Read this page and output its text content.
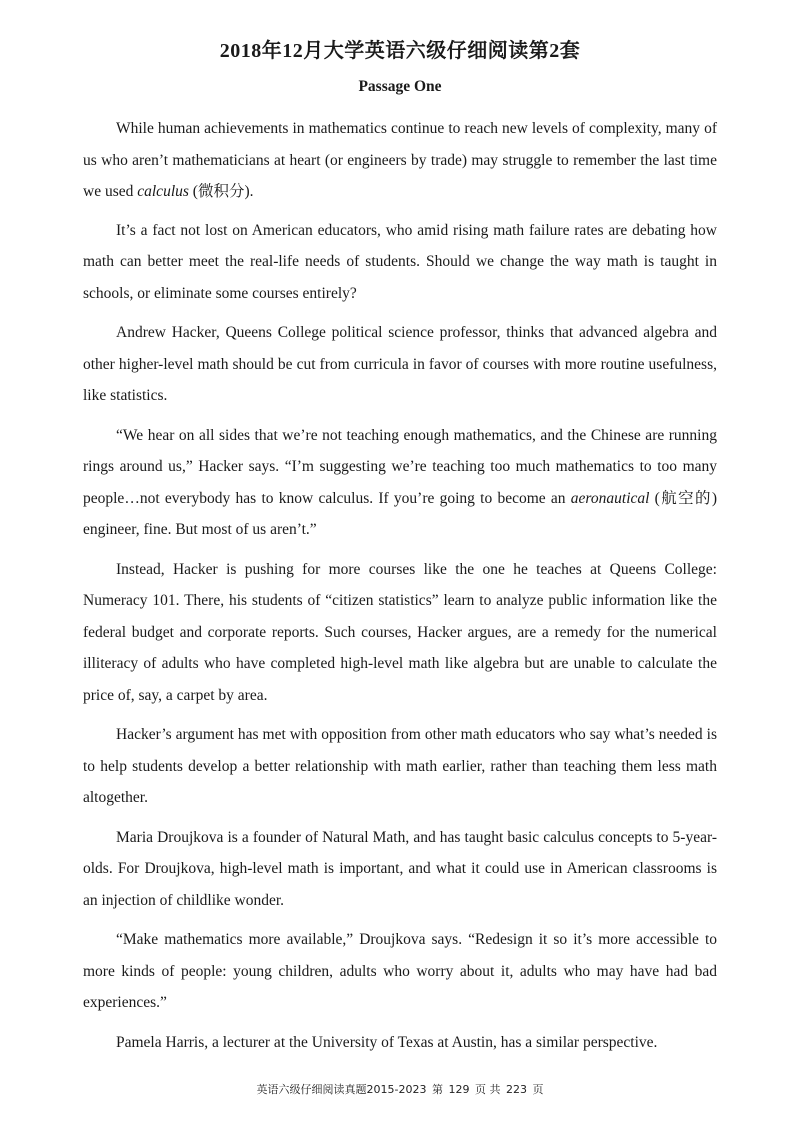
2018年12月大学英语六级仔细阅读第2套
Passage One

While human achievements in mathematics continue to reach new levels of complexity, many of us who aren’t mathematicians at heart (or engineers by trade) may struggle to remember the last time we used calculus (微积分).

It’s a fact not lost on American educators, who amid rising math failure rates are debating how math can better meet the real-life needs of students. Should we change the way math is taught in schools, or eliminate some courses entirely?

Andrew Hacker, Queens College political science professor, thinks that advanced algebra and other higher-level math should be cut from curricula in favor of courses with more routine usefulness, like statistics.

“We hear on all sides that we’re not teaching enough mathematics, and the Chinese are running rings around us,” Hacker says. “I’m suggesting we’re teaching too much mathematics to too many people…not everybody has to know calculus. If you’re going to become an aeronautical (航空的) engineer, fine. But most of us aren’t.”

Instead, Hacker is pushing for more courses like the one he teaches at Queens College: Numeracy 101. There, his students of “citizen statistics” learn to analyze public information like the federal budget and corporate reports. Such courses, Hacker argues, are a remedy for the numerical illiteracy of adults who have completed high-level math like algebra but are unable to calculate the price of, say, a carpet by area.

Hacker’s argument has met with opposition from other math educators who say what’s needed is to help students develop a better relationship with math earlier, rather than teaching them less math altogether.

Maria Droujkova is a founder of Natural Math, and has taught basic calculus concepts to 5-year-olds. For Droujkova, high-level math is important, and what it could use in American classrooms is an injection of childlike wonder.

“Make mathematics more available,” Droujkova says. “Redesign it so it’s more accessible to more kinds of people: young children, adults who worry about it, adults who may have had bad experiences.”

Pamela Harris, a lecturer at the University of Texas at Austin, has a similar perspective.

英语六级仔细阅读真题2015-2023 第 129 页 共 223 页
